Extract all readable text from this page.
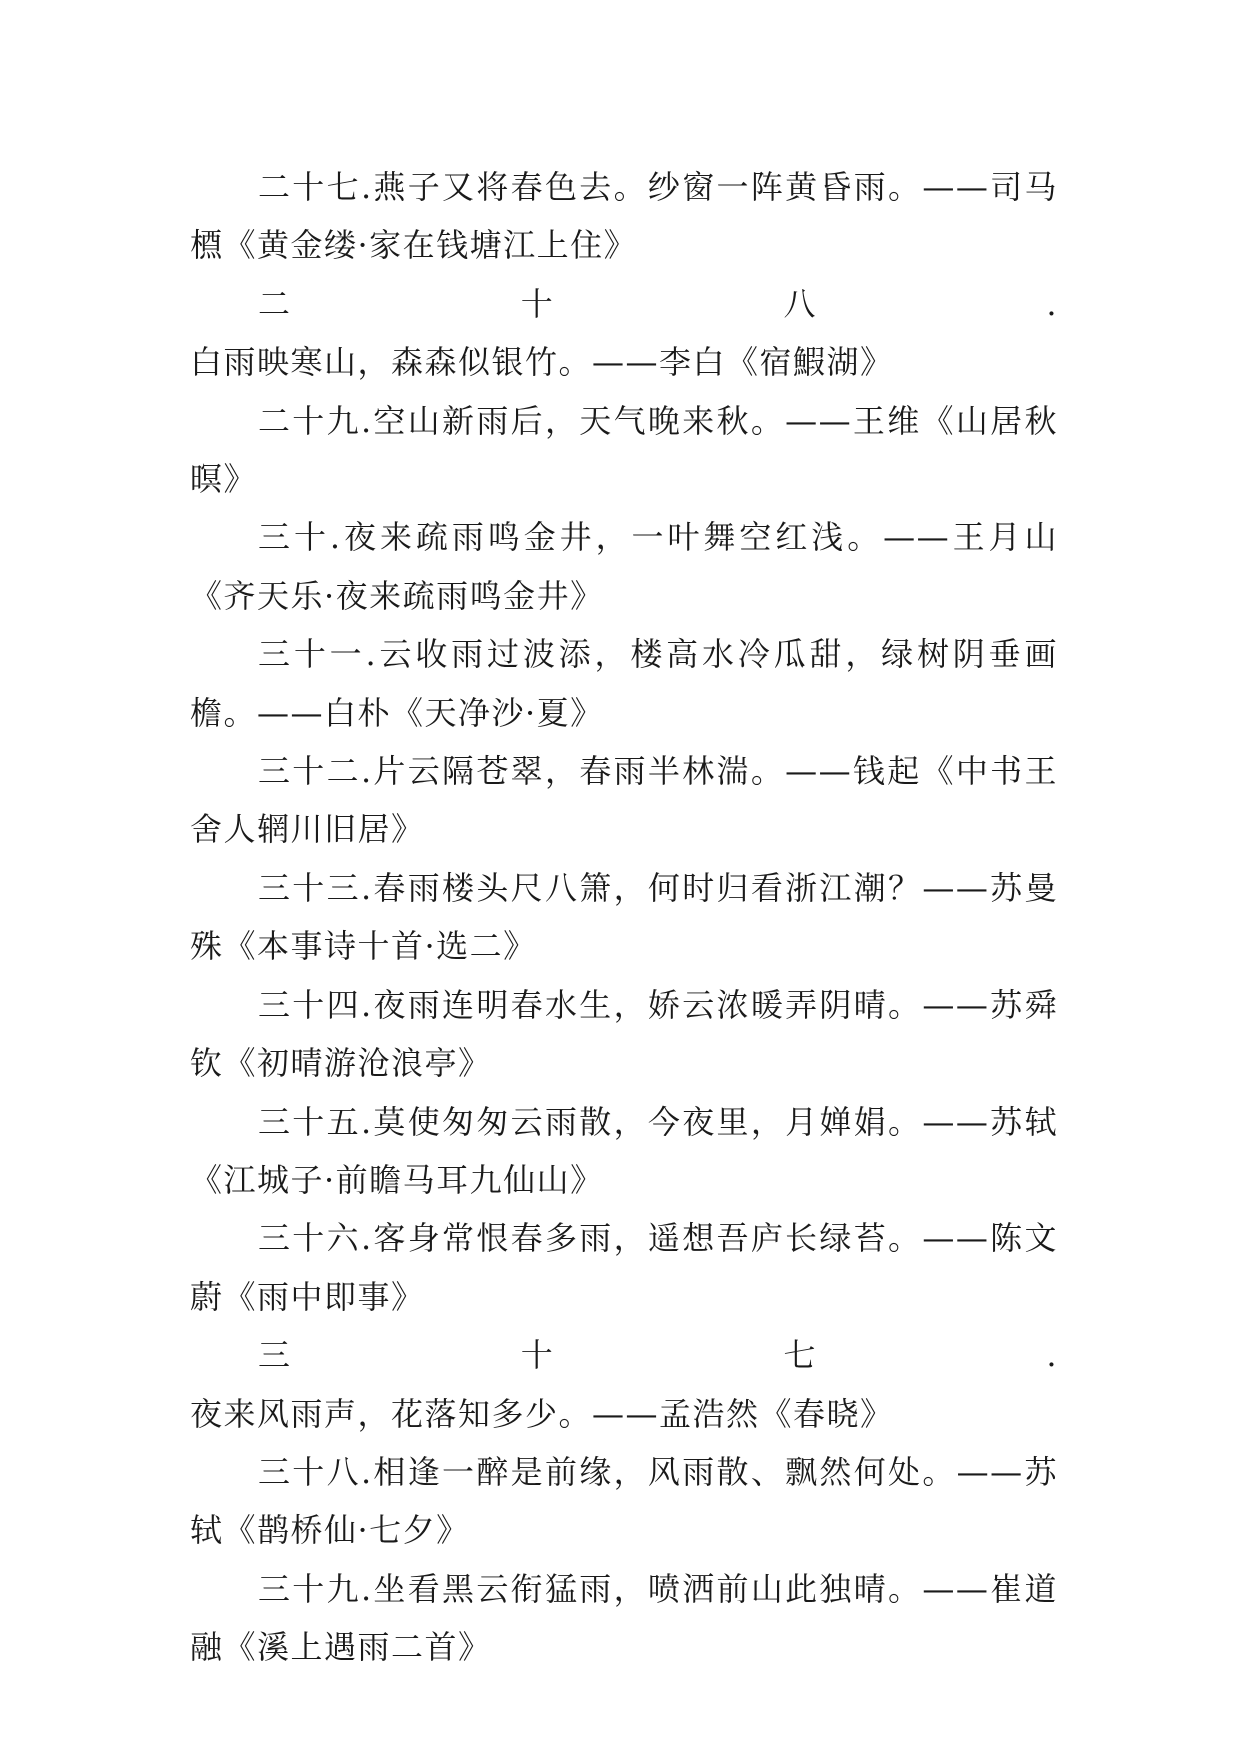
二十七.燕子又将春色去。纱窗一阵黄昏雨。——司马槱《黄金缕·家在钱塘江上住》

二十八.白雨映寒山，森森似银竹。——李白《宿鰕湖》

二十九.空山新雨后，天气晚来秋。——王维《山居秋暝》

三十.夜来疏雨鸣金井，一叶舞空红浅。——王月山《齐天乐·夜来疏雨鸣金井》

三十一.云收雨过波添，楼高水冷瓜甜，绿树阴垂画檐。——白朴《天净沙·夏》

三十二.片云隔苍翠，春雨半林湍。——钱起《中书王舍人辋川旧居》

三十三.春雨楼头尺八箫，何时归看浙江潮？——苏曼殊《本事诗十首·选二》

三十四.夜雨连明春水生，娇云浓暖弄阴晴。——苏舜钦《初晴游沧浪亭》

三十五.莫使匆匆云雨散，今夜里，月婵娟。——苏轼《江城子·前瞻马耳九仙山》

三十六.客身常恨春多雨，遥想吾庐长绿苔。——陈文蔚《雨中即事》

三十七.夜来风雨声，花落知多少。——孟浩然《春晓》

三十八.相逢一醉是前缘，风雨散、飘然何处。——苏轼《鹊桥仙·七夕》

三十九.坐看黑云衔猛雨，喷洒前山此独晴。——崔道融《溪上遇雨二首》
